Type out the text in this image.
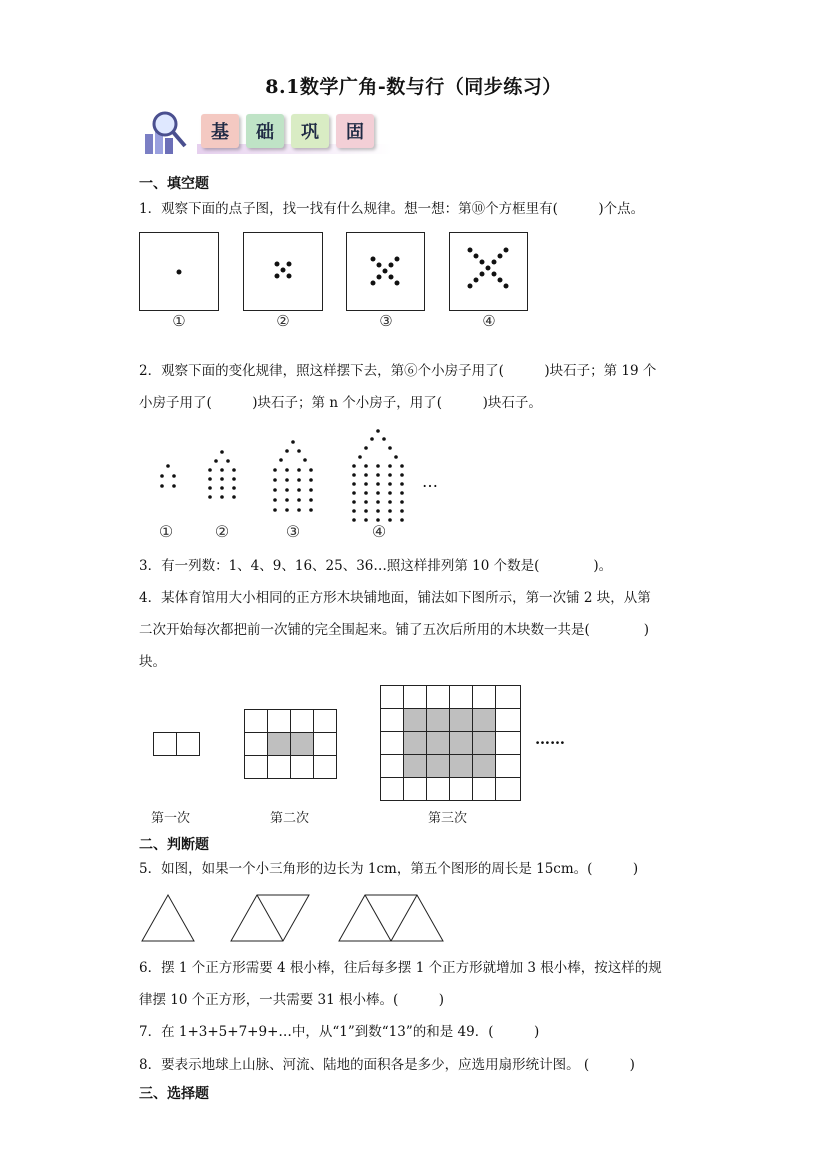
8.1数学广角-数与行（同步练习）
基	础	巩	固
一、填空题
1．观察下面的点子图，找一找有什么规律。想一想：第⑩个方框里有(　　　)个点。
①	②	③	④
2．观察下面的变化规律，照这样摆下去，第⑥个小房子用了(　　　)块石子；第 19 个
小房子用了(　　　)块石子；第 n 个小房子，用了(　　　)块石子。
…
①	②	③	④
3．有一列数：1、4、9、16、25、36…照这样排列第 10 个数是(　　　　)。
4．某体育馆用大小相同的正方形木块铺地面，铺法如下图所示，第一次铺 2 块，从第
二次开始每次都把前一次铺的完全围起来。铺了五次后所用的木块数一共是(　　　　)
块。
……
第一次	第二次	第三次
二、判断题
5．如图，如果一个小三角形的边长为 1cm，第五个图形的周长是 15cm。(　　　)
6．摆 1 个正方形需要 4 根小棒，往后每多摆 1 个正方形就增加 3 根小棒，按这样的规
律摆 10 个正方形，一共需要 31 根小棒。(　　　)
7．在 1+3+5+7+9+…中，从“1”到数“13”的和是 49．(　　　)
8．要表示地球上山脉、河流、陆地的面积各是多少，应选用扇形统计图。 (　　　)
三、选择题
